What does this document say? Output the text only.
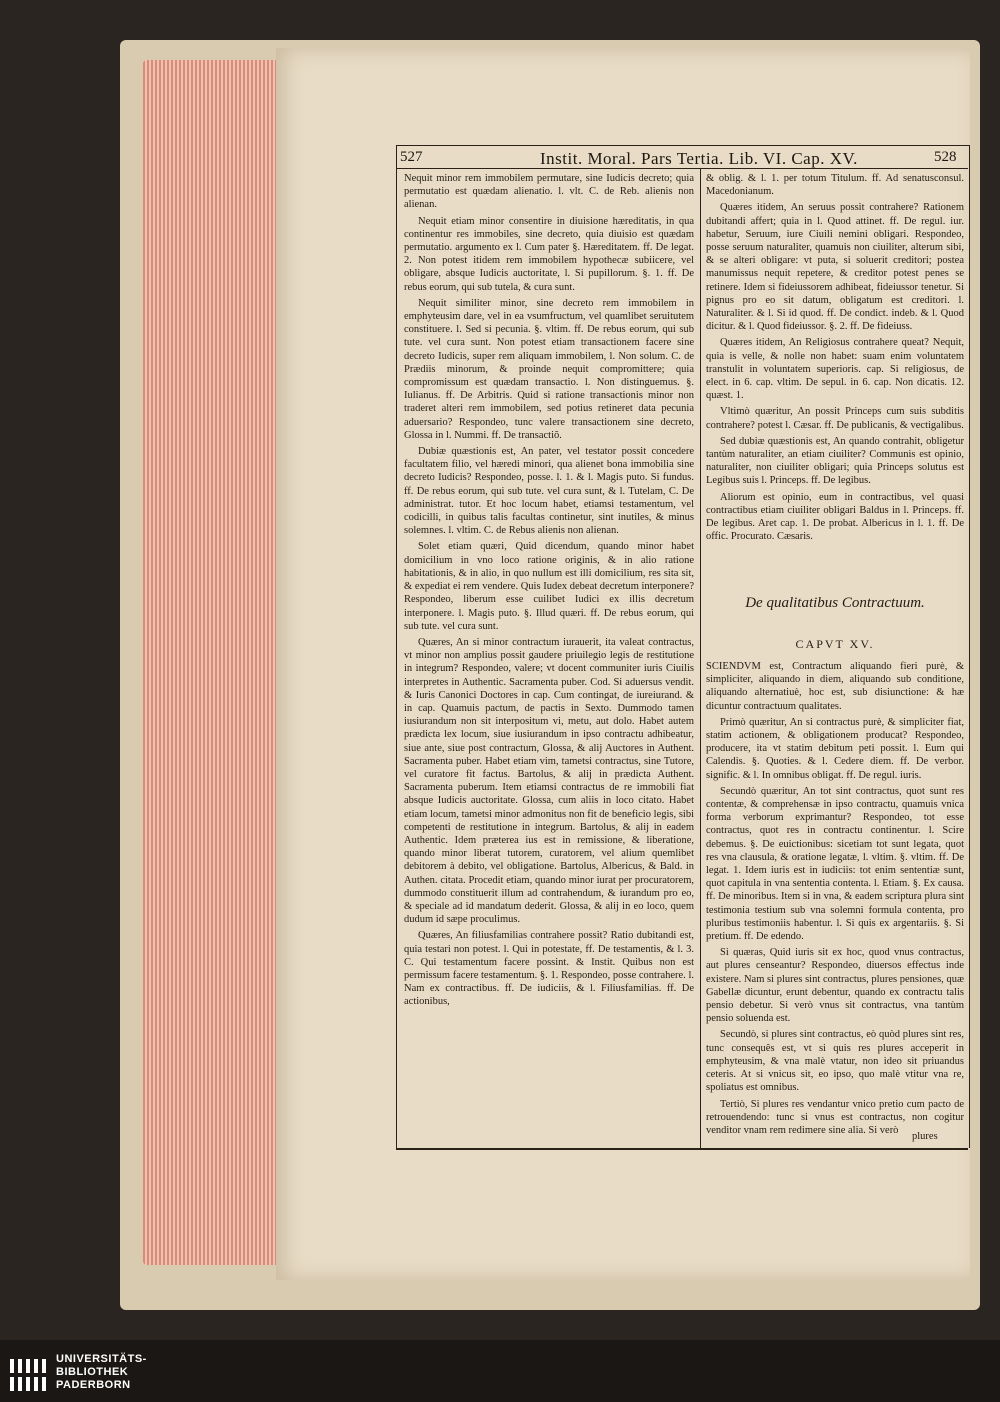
527	Instit. Moral. Pars Tertia. Lib. VI. Cap. XV.	528

Nequit minor rem immobilem permutare, sine Iudicis decreto; quia permutatio est quædam alienatio. l. vlt. C. de Reb. alienis non alienan.

Nequit etiam minor consentire in diuisione hæreditatis, in qua continentur res immobiles, sine decreto, quia diuisio est quædam permutatio. argumento ex l. Cum pater §. Hæreditatem. ff. De legat. 2. Non potest itidem rem immobilem hypothecæ subiicere, vel obligare, absque Iudicis auctoritate, l. Si pupillorum. §. 1. ff. De rebus eorum, qui sub tutela, & cura sunt.

Nequit similiter minor, sine decreto rem immobilem in emphyteusim dare, vel in ea vsumfructum, vel quamlibet seruitutem constituere. l. Sed si pecunia. §. vltim. ff. De rebus eorum, qui sub tute. vel cura sunt. Non potest etiam transactionem facere sine decreto Iudicis, super rem aliquam immobilem, l. Non solum. C. de Prædiis minorum, & proinde nequit compromittere; quia compromissum est quædam transactio. l. Non distinguemus. §. Iulianus. ff. De Arbitris. Quid si ratione transactionis minor non traderet alteri rem immobilem, sed potius retineret data pecunia aduersario? Respondeo, tunc valere transactionem sine decreto, Glossa in l. Nummi. ff. De transactiõ.

Dubiæ quæstionis est, An pater, vel testator possit concedere facultatem filio, vel hæredi minori, qua alienet bona immobilia sine decreto Iudicis? Respondeo, posse. l. 1. & l. Magis puto. Si fundus. ff. De rebus eorum, qui sub tute. vel cura sunt, & l. Tutelam, C. De administrat. tutor. Et hoc locum habet, etiamsi testamentum, vel codicilli, in quibus talis facultas continetur, sint inutiles, & minus solemnes. l. vltim. C. de Rebus alienis non alienan.

Solet etiam quæri, Quid dicendum, quando minor habet domicilium in vno loco ratione originis, & in alio ratione habitationis, & in alio, in quo nullum est illi domicilium, res sita sit, & expediat ei rem vendere. Quis Iudex debeat decretum interponere? Respondeo, liberum esse cuilibet Iudici ex illis decretum interponere. l. Magis puto. §. Illud quæri. ff. De rebus eorum, qui sub tute. vel cura sunt.

Quæres, An si minor contractum iurauerit, ita valeat contractus, vt minor non amplius possit gaudere priuilegio legis de restitutione in integrum? Respondeo, valere; vt docent communiter iuris Ciuilis interpretes in Authentic. Sacramenta puber. Cod. Si aduersus vendit. & Iuris Canonici Doctores in cap. Cum contingat, de iureiurand. & in cap. Quamuis pactum, de pactis in Sexto. Dummodo tamen iusiurandum non sit interpositum vi, metu, aut dolo. Habet autem prædicta lex locum, siue iusiurandum in ipso contractu adhibeatur, siue ante, siue post contractum, Glossa, & alij Auctores in Authent. Sacramenta puber. Habet etiam vim, tametsi contractus, sine Tutore, vel curatore fit factus. Bartolus, & alij in prædicta Authent. Sacramenta puberum. Item etiamsi contractus de re immobili fiat absque Iudicis auctoritate. Glossa, cum aliis in loco citato. Habet etiam locum, tametsi minor admonitus non fit de beneficio legis, sibi competenti de restitutione in integrum. Bartolus, & alij in eadem Authentic. Idem præterea ius est in remissione, & liberatione, quando minor liberat tutorem, curatorem, vel alium quemlibet debitorem à debito, vel obligatione. Bartolus, Albericus, & Bald. in Authen. citata. Procedit etiam, quando minor iurat per procuratorem, dummodo constituerit illum ad contrahendum, & iurandum pro eo, & speciale ad id mandatum dederit. Glossa, & alij in eo loco, quem dudum id sæpe proculimus.

Quæres, An filiusfamilias contrahere possit? Ratio dubitandi est, quia testari non potest. l. Qui in potestate, ff. De testamentis, & l. 3. C. Qui testamentum facere possint. & Instit. Quibus non est permissum facere testamentum. §. 1. Respondeo, posse contrahere. l. Nam ex contractibus. ff. De iudiciis, & l. Filiusfamilias. ff. De actionibus,

& oblig. & l. 1. per totum Titulum. ff. Ad senatusconsul. Macedonianum.

Quæres itidem, An seruus possit contrahere? Rationem dubitandi affert; quia in l. Quod attinet. ff. De regul. iur. habetur, Seruum, iure Ciuili nemini obligari. Respondeo, posse seruum naturaliter, quamuis non ciuiliter, alterum sibi, & se alteri obligare: vt puta, si soluerit creditori; postea manumissus nequit repetere, & creditor potest penes se retinere. Idem si fideiussorem adhibeat, fideiussor tenetur. Si pignus pro eo sit datum, obligatum est creditori. l. Naturaliter. & l. Si id quod. ff. De condict. indeb. & l. Quod dicitur. & l. Quod fideiussor. §. 2. ff. De fideiuss.

Quæres itidem, An Religiosus contrahere queat? Nequit, quia is velle, & nolle non habet: suam enim voluntatem transtulit in voluntatem superioris. cap. Si religiosus, de elect. in 6. cap. vltim. De sepul. in 6. cap. Non dicatis. 12. quæst. 1.

Vltimò quæritur, An possit Princeps cum suis subditis contrahere? potest l. Cæsar. ff. De publicanis, & vectigalibus.

Sed dubiæ quæstionis est, An quando contrahit, obligetur tantùm naturaliter, an etiam ciuiliter? Communis est opinio, naturaliter, non ciuiliter obligari; quia Princeps solutus est Legibus suis l. Princeps. ff. De legibus.

Aliorum est opinio, eum in contractibus, vel quasi contractibus etiam ciuiliter obligari Baldus in l. Princeps. ff. De legibus. Aret cap. 1. De probat. Albericus in l. 1. ff. De offic. Procurato. Cæsaris.

De qualitatibus Contractuum.
CAPVT XV.

SCIENDVM est, Contractum aliquando fieri purè, & simpliciter, aliquando in diem, aliquando sub conditione, aliquando alternatiuè, hoc est, sub disiunctione: & hæ dicuntur contractuum qualitates.

Primò quæritur, An si contractus purè, & simpliciter fiat, statim actionem, & obligationem producat? Respondeo, producere, ita vt statim debitum peti possit. l. Eum qui Calendis. §. Quoties. & l. Cedere diem. ff. De verbor. signific. & l. In omnibus obligat. ff. De regul. iuris.

Secundò quæritur, An tot sint contractus, quot sunt res contentæ, & comprehensæ in ipso contractu, quamuis vnica forma verborum exprimantur? Respondeo, tot esse contractus, quot res in contractu continentur. l. Scire debemus. §. De euictionibus: sicetiam tot sunt legata, quot res vna clausula, & oratione legatæ, l. vltim. §. vltim. ff. De legat. 1. Idem iuris est in iudiciis: tot enim sententiæ sunt, quot capitula in vna sententia contenta. l. Etiam. §. Ex causa. ff. De minoribus. Item si in vna, & eadem scriptura plura sint testimonia testium sub vna solemni formula contenta, pro pluribus testimoniis habentur. l. Si quis ex argentariis. §. Si pretium. ff. De edendo.

Si quæras, Quid iuris sit ex hoc, quod vnus contractus, aut plures censeantur? Respondeo, diuersos effectus inde existere. Nam si plures sint contractus, plures pensiones, quæ Gabellæ dicuntur, erunt debentur, quando ex contractu talis pensio debetur. Si verò vnus sit contractus, vna tantùm pensio soluenda est.

Secundò, si plures sint contractus, eò quòd plures sint res, tunc consequês est, vt si quis res plures acceperit in emphyteusim, & vna malè vtatur, non ideo sit priuandus ceteris. At si vnicus sit, eo ipso, quo malè vtitur vna re, spoliatus est omnibus.

Tertiò, Si plures res vendantur vnico pretio cum pacto de retrouendendo: tunc si vnus est contractus, non cogitur venditor vnam rem redimere sine alia. Si verò

plures
UNIVERSITÄTS-
BIBLIOTHEK
PADERBORN
